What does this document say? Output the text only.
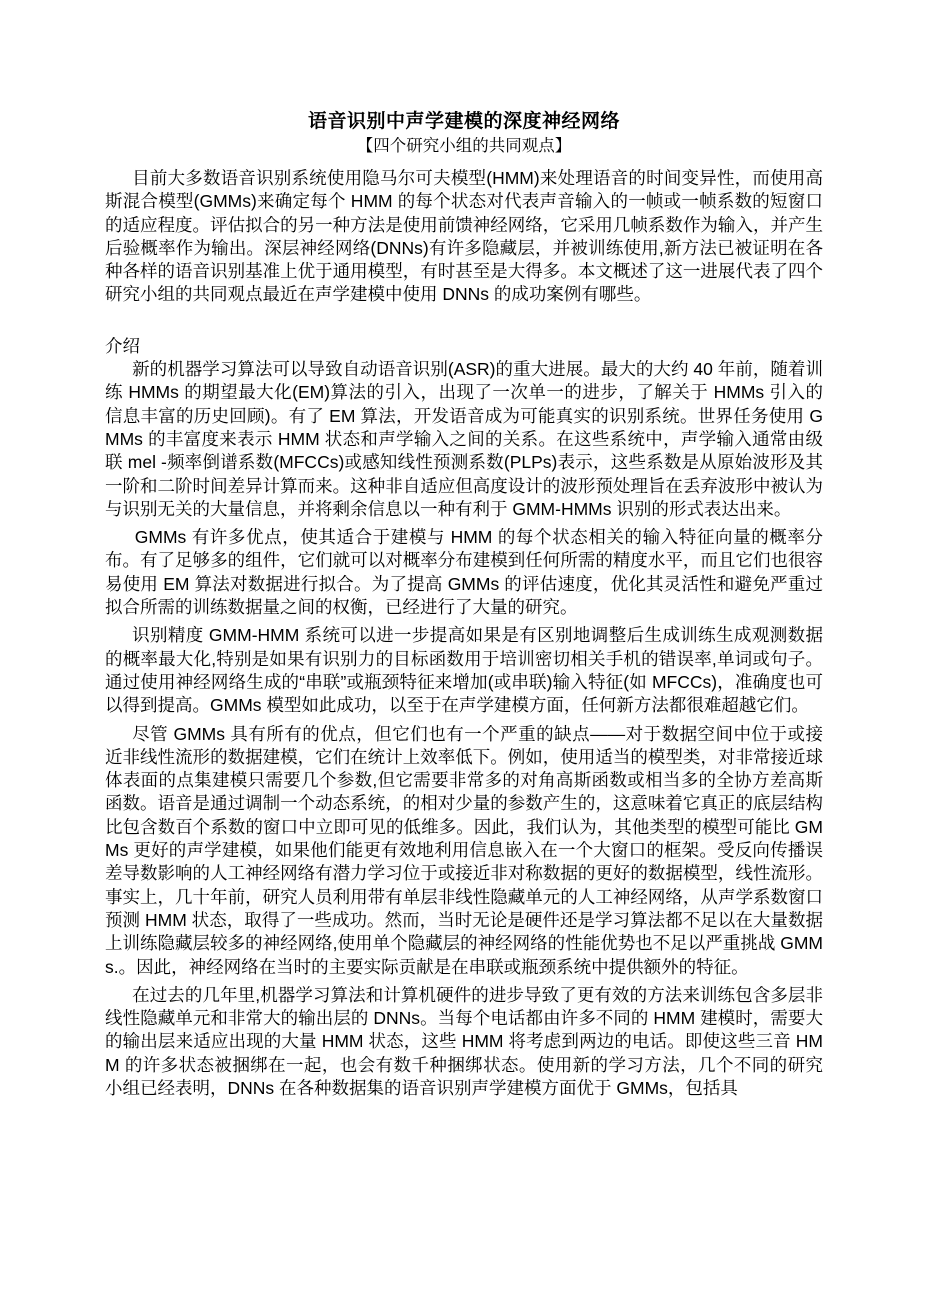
语音识别中声学建模的深度神经网络
【四个研究小组的共同观点】

目前大多数语音识别系统使用隐马尔可夫模型(HMM)来处理语音的时间变异性，而使用高斯混合模型(GMMs)来确定每个 HMM 的每个状态对代表声音输入的一帧或一帧系数的短窗口的适应程度。评估拟合的另一种方法是使用前馈神经网络，它采用几帧系数作为输入，并产生后验概率作为输出。深层神经网络(DNNs)有许多隐藏层，并被训练使用,新方法已被证明在各种各样的语音识别基准上优于通用模型，有时甚至是大得多。本文概述了这一进展代表了四个研究小组的共同观点最近在声学建模中使用 DNNs 的成功案例有哪些。

介绍

新的机器学习算法可以导致自动语音识别(ASR)的重大进展。最大的大约 40 年前，随着训练 HMMs 的期望最大化(EM)算法的引入，出现了一次单一的进步，了解关于 HMMs 引入的信息丰富的历史回顾)。有了 EM 算法，开发语音成为可能真实的识别系统。世界任务使用 GMMs 的丰富度来表示 HMM 状态和声学输入之间的关系。在这些系统中，声学输入通常由级联 mel -频率倒谱系数(MFCCs)或感知线性预测系数(PLPs)表示，这些系数是从原始波形及其一阶和二阶时间差异计算而来。这种非自适应但高度设计的波形预处理旨在丢弃波形中被认为与识别无关的大量信息，并将剩余信息以一种有利于 GMM-HMMs 识别的形式表达出来。

GMMs 有许多优点，使其适合于建模与 HMM 的每个状态相关的输入特征向量的概率分布。有了足够多的组件，它们就可以对概率分布建模到任何所需的精度水平，而且它们也很容易使用 EM 算法对数据进行拟合。为了提高 GMMs 的评估速度，优化其灵活性和避免严重过拟合所需的训练数据量之间的权衡，已经进行了大量的研究。

识别精度 GMM-HMM 系统可以进一步提高如果是有区别地调整后生成训练生成观测数据的概率最大化,特别是如果有识别力的目标函数用于培训密切相关手机的错误率,单词或句子。通过使用神经网络生成的“串联”或瓶颈特征来增加(或串联)输入特征(如 MFCCs)，准确度也可以得到提高。GMMs 模型如此成功，以至于在声学建模方面，任何新方法都很难超越它们。

尽管 GMMs 具有所有的优点，但它们也有一个严重的缺点——对于数据空间中位于或接近非线性流形的数据建模，它们在统计上效率低下。例如，使用适当的模型类，对非常接近球体表面的点集建模只需要几个参数,但它需要非常多的对角高斯函数或相当多的全协方差高斯函数。语音是通过调制一个动态系统，的相对少量的参数产生的，这意味着它真正的底层结构比包含数百个系数的窗口中立即可见的低维多。因此，我们认为，其他类型的模型可能比 GMMs 更好的声学建模，如果他们能更有效地利用信息嵌入在一个大窗口的框架。受反向传播误差导数影响的人工神经网络有潜力学习位于或接近非对称数据的更好的数据模型，线性流形。事实上，几十年前，研究人员利用带有单层非线性隐藏单元的人工神经网络，从声学系数窗口预测 HMM 状态，取得了一些成功。然而，当时无论是硬件还是学习算法都不足以在大量数据上训练隐藏层较多的神经网络,使用单个隐藏层的神经网络的性能优势也不足以严重挑战 GMMs.。因此，神经网络在当时的主要实际贡献是在串联或瓶颈系统中提供额外的特征。

在过去的几年里,机器学习算法和计算机硬件的进步导致了更有效的方法来训练包含多层非线性隐藏单元和非常大的输出层的 DNNs。当每个电话都由许多不同的 HMM 建模时，需要大的输出层来适应出现的大量 HMM 状态，这些 HMM 将考虑到两边的电话。即使这些三音 HMM 的许多状态被捆绑在一起，也会有数千种捆绑状态。使用新的学习方法，几个不同的研究小组已经表明，DNNs 在各种数据集的语音识别声学建模方面优于 GMMs，包括具
